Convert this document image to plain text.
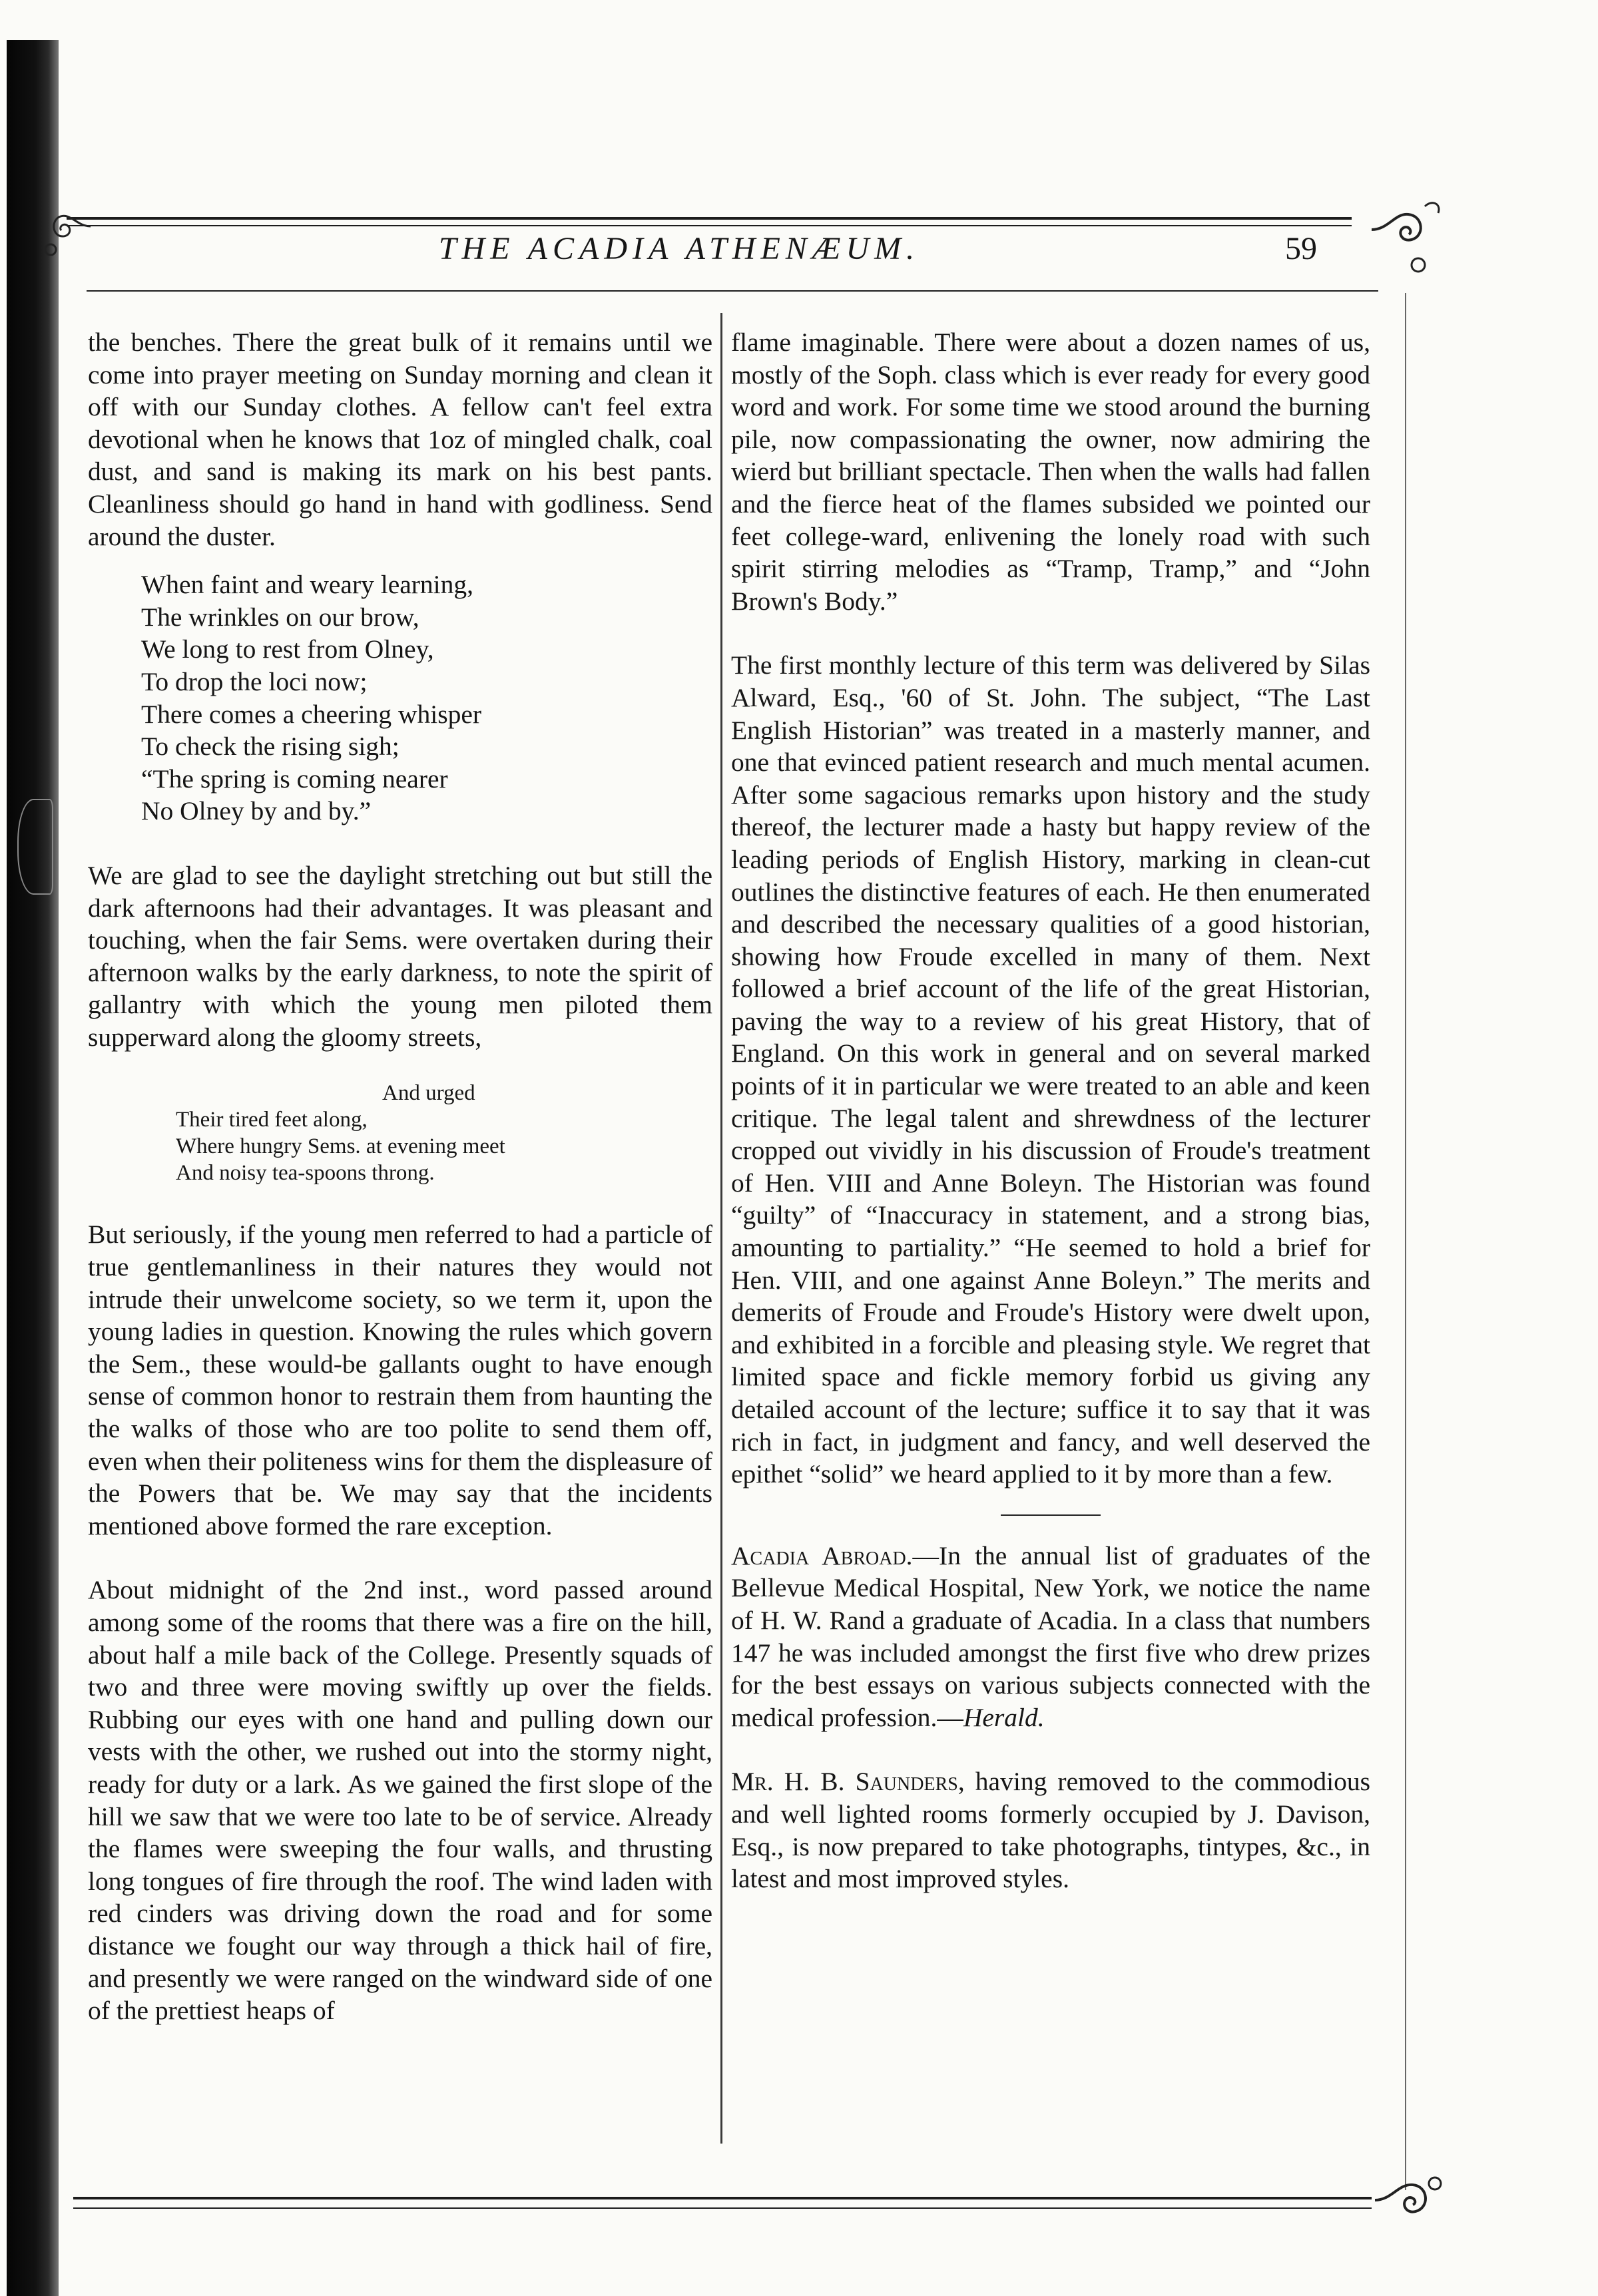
THE ACADIA ATHENÆUM.	59

the benches. There the great bulk of it remains until we come into prayer meeting on Sunday morning and clean it off with our Sunday clothes. A fellow can't feel extra devotional when he knows that 1oz of mingled chalk, coal dust, and sand is making its mark on his best pants. Cleanliness should go hand in hand with godliness. Send around the duster.

When faint and weary learning,
The wrinkles on our brow,
We long to rest from Olney,
To drop the loci now;
There comes a cheering whisper
To check the rising sigh;
“The spring is coming nearer
No Olney by and by.”

We are glad to see the daylight stretching out but still the dark afternoons had their advantages. It was pleasant and touching, when the fair Sems. were overtaken during their afternoon walks by the early darkness, to note the spirit of gallantry with which the young men piloted them supperward along the gloomy streets,

And urged
Their tired feet along,
Where hungry Sems. at evening meet
And noisy tea-spoons throng.

But seriously, if the young men referred to had a particle of true gentlemanliness in their natures they would not intrude their unwelcome society, so we term it, upon the young ladies in question. Knowing the rules which govern the Sem., these would-be gallants ought to have enough sense of common honor to restrain them from haunting the the walks of those who are too polite to send them off, even when their politeness wins for them the displeasure of the Powers that be. We may say that the incidents mentioned above formed the rare exception.

About midnight of the 2nd inst., word passed around among some of the rooms that there was a fire on the hill, about half a mile back of the College. Presently squads of two and three were moving swiftly up over the fields. Rubbing our eyes with one hand and pulling down our vests with the other, we rushed out into the stormy night, ready for duty or a lark. As we gained the first slope of the hill we saw that we were too late to be of service. Already the flames were sweeping the four walls, and thrusting long tongues of fire through the roof. The wind laden with red cinders was driving down the road and for some distance we fought our way through a thick hail of fire, and presently we were ranged on the windward side of one of the prettiest heaps of

flame imaginable. There were about a dozen names of us, mostly of the Soph. class which is ever ready for every good word and work. For some time we stood around the burning pile, now compassionating the owner, now admiring the wierd but brilliant spectacle. Then when the walls had fallen and the fierce heat of the flames subsided we pointed our feet college-ward, enlivening the lonely road with such spirit stirring melodies as “Tramp, Tramp,” and “John Brown's Body.”

The first monthly lecture of this term was delivered by Silas Alward, Esq., '60 of St. John. The subject, “The Last English Historian” was treated in a masterly manner, and one that evinced patient research and much mental acumen. After some sagacious remarks upon history and the study thereof, the lecturer made a hasty but happy review of the leading periods of English History, marking in clean-cut outlines the distinctive features of each. He then enumerated and described the necessary qualities of a good historian, showing how Froude excelled in many of them. Next followed a brief account of the life of the great Historian, paving the way to a review of his great History, that of England. On this work in general and on several marked points of it in particular we were treated to an able and keen critique. The legal talent and shrewdness of the lecturer cropped out vividly in his discussion of Froude's treatment of Hen. VIII and Anne Boleyn. The Historian was found “guilty” of “Inaccuracy in statement, and a strong bias, amounting to partiality.” “He seemed to hold a brief for Hen. VIII, and one against Anne Boleyn.” The merits and demerits of Froude and Froude's History were dwelt upon, and exhibited in a forcible and pleasing style. We regret that limited space and fickle memory forbid us giving any detailed account of the lecture; suffice it to say that it was rich in fact, in judgment and fancy, and well deserved the epithet “solid” we heard applied to it by more than a few.

Acadia Abroad.—In the annual list of graduates of the Bellevue Medical Hospital, New York, we notice the name of H. W. Rand a graduate of Acadia. In a class that numbers 147 he was included amongst the first five who drew prizes for the best essays on various subjects connected with the medical profession.—Herald.

Mr. H. B. Saunders, having removed to the commodious and well lighted rooms formerly occupied by J. Davison, Esq., is now prepared to take photographs, tintypes, &c., in latest and most improved styles.
